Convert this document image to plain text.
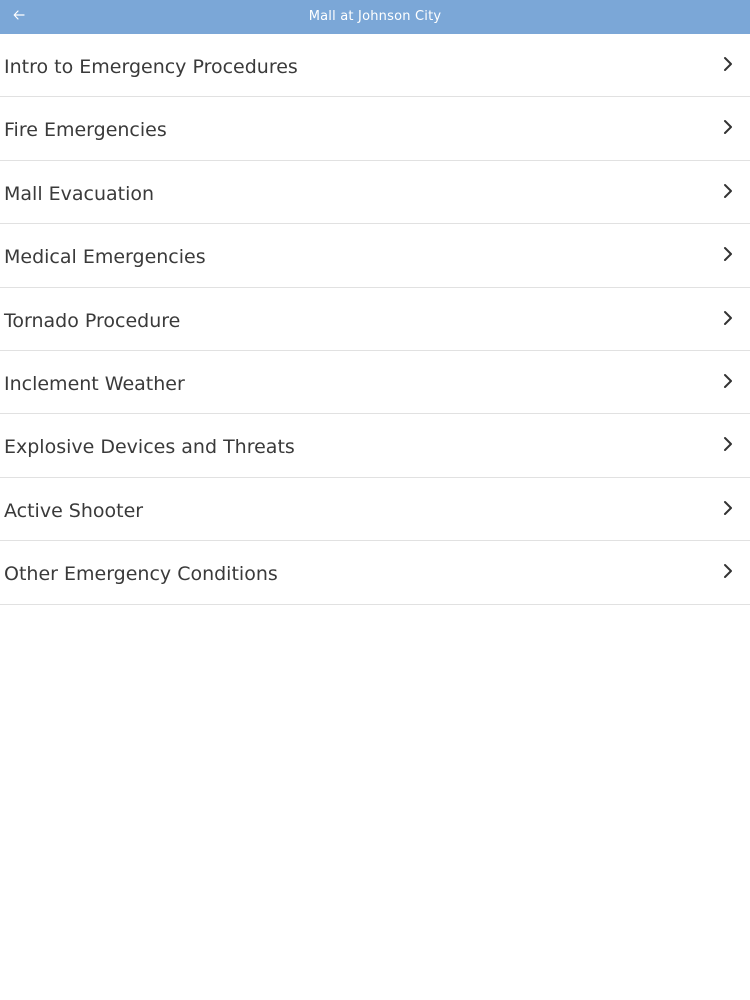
Mall at Johnson City
Intro to Emergency Procedures
Fire Emergencies
Mall Evacuation
Medical Emergencies
Tornado Procedure
Inclement Weather
Explosive Devices and Threats
Active Shooter
Other Emergency Conditions
